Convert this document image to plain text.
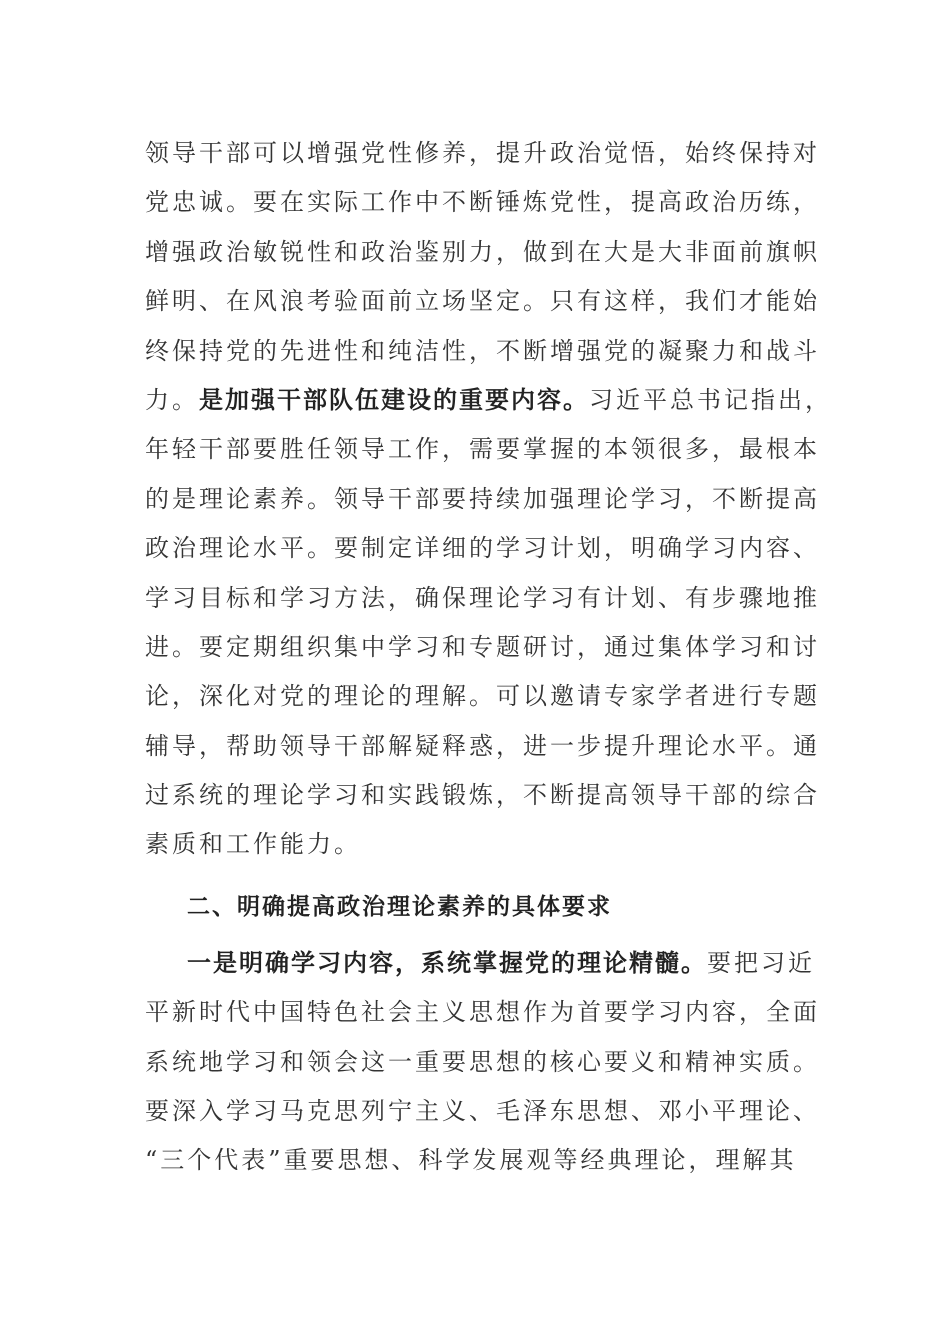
领导干部可以增强党性修养，提升政治觉悟，始终保持对
党忠诚。要在实际工作中不断锤炼党性，提高政治历练，
增强政治敏锐性和政治鉴别力，做到在大是大非面前旗帜
鲜明、在风浪考验面前立场坚定。只有这样，我们才能始
终保持党的先进性和纯洁性，不断增强党的凝聚力和战斗
力。是加强干部队伍建设的重要内容。习近平总书记指出，
年轻干部要胜任领导工作，需要掌握的本领很多，最根本
的是理论素养。领导干部要持续加强理论学习，不断提高
政治理论水平。要制定详细的学习计划，明确学习内容、
学习目标和学习方法，确保理论学习有计划、有步骤地推
进。要定期组织集中学习和专题研讨，通过集体学习和讨
论，深化对党的理论的理解。可以邀请专家学者进行专题
辅导，帮助领导干部解疑释惑，进一步提升理论水平。通
过系统的理论学习和实践锻炼，不断提高领导干部的综合
素质和工作能力。
二、明确提高政治理论素养的具体要求
一是明确学习内容，系统掌握党的理论精髓。要把习近
平新时代中国特色社会主义思想作为首要学习内容，全面
系统地学习和领会这一重要思想的核心要义和精神实质。
要深入学习马克思列宁主义、毛泽东思想、邓小平理论、
“三个代表”重要思想、科学发展观等经典理论，理解其
